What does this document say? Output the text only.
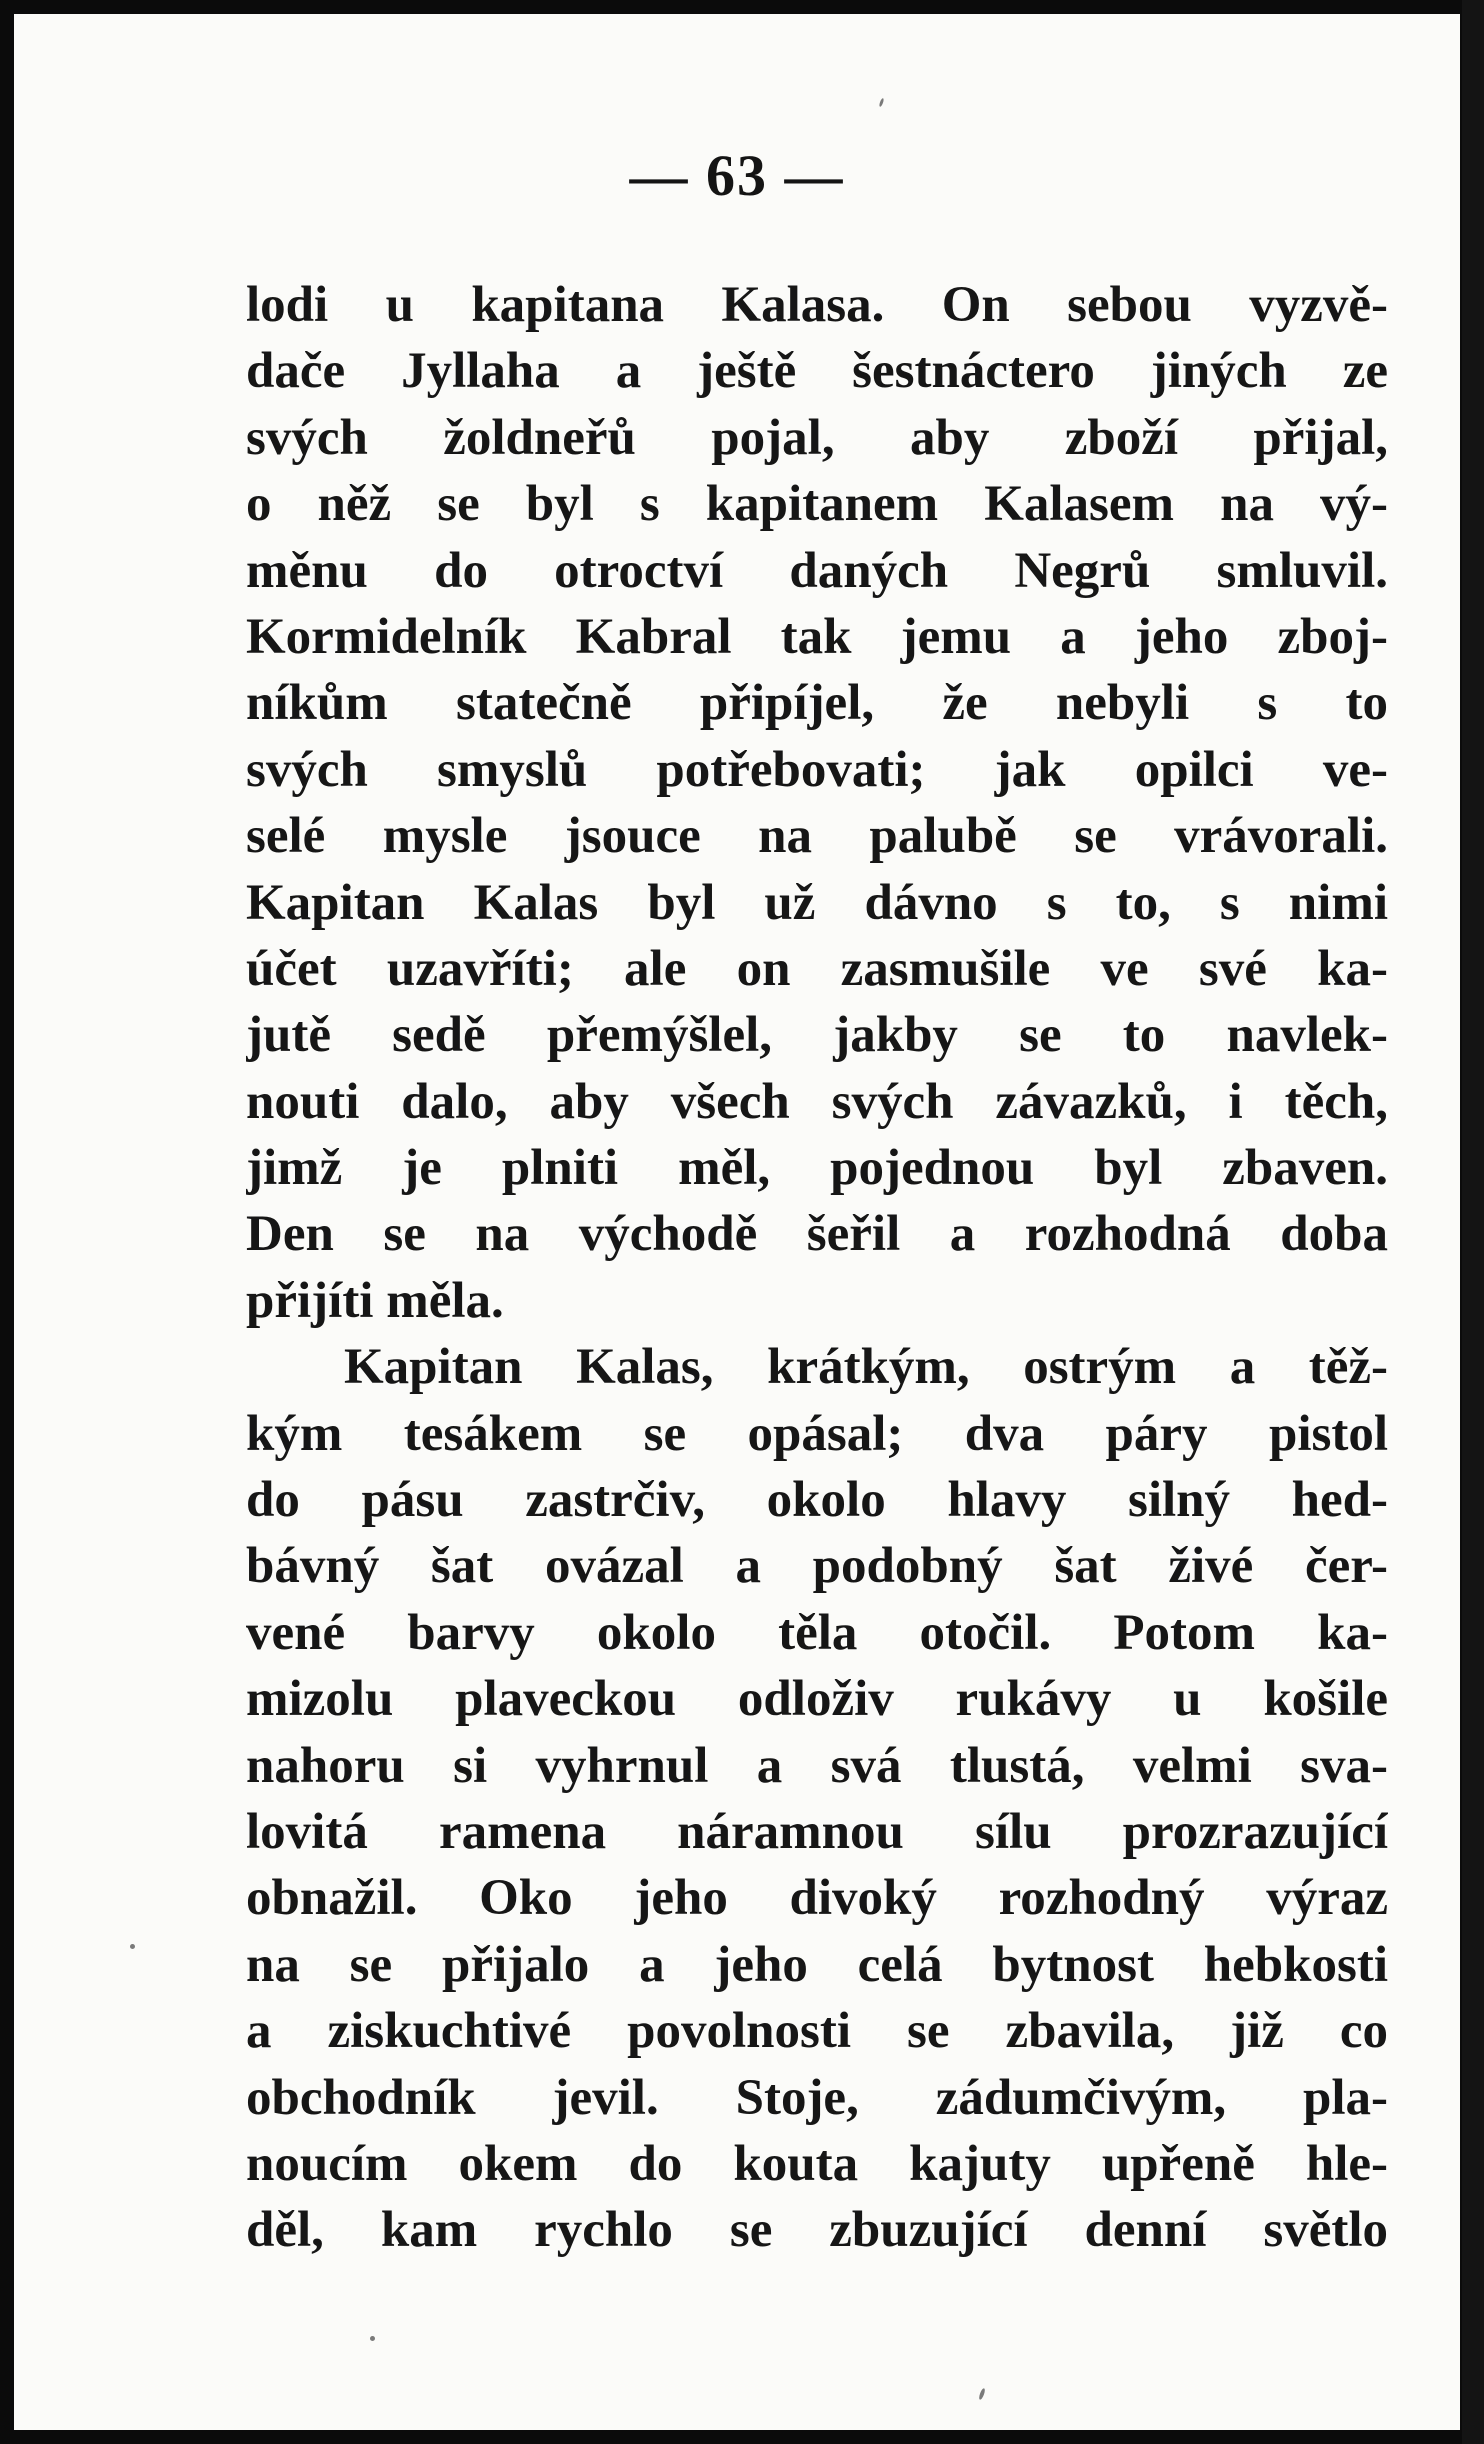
— 63 —
lodi u kapitana Kalasa. On sebou vyzvě-
dače Jyllaha a ještě šestnáctero jiných ze
svých žoldneřů pojal, aby zboží přijal,
o něž se byl s kapitanem Kalasem na vý-
měnu do otroctví daných Negrů smluvil.
Kormidelník Kabral tak jemu a jeho zboj-
níkům statečně připíjel, že nebyli s to
svých smyslů potřebovati; jak opilci ve-
selé mysle jsouce na palubě se vrávorali.
Kapitan Kalas byl už dávno s to, s nimi
účet uzavříti; ale on zasmušile ve své ka-
jutě sedě přemýšlel, jakby se to navlek-
nouti dalo, aby všech svých závazků, i těch,
jimž je plniti měl, pojednou byl zbaven.
Den se na východě šeřil a rozhodná doba
přijíti měla.
Kapitan Kalas, krátkým, ostrým a těž-
kým tesákem se opásal; dva páry pistol
do pásu zastrčiv, okolo hlavy silný hed-
bávný šat ovázal a podobný šat živé čer-
vené barvy okolo těla otočil. Potom ka-
mizolu plaveckou odloživ rukávy u košile
nahoru si vyhrnul a svá tlustá, velmi sva-
lovitá ramena náramnou sílu prozrazující
obnažil. Oko jeho divoký rozhodný výraz
na se přijalo a jeho celá bytnost hebkosti
a ziskuchtivé povolnosti se zbavila, již co
obchodník jevil. Stoje, zádumčivým, pla-
noucím okem do kouta kajuty upřeně hle-
děl, kam rychlo se zbuzující denní světlo
